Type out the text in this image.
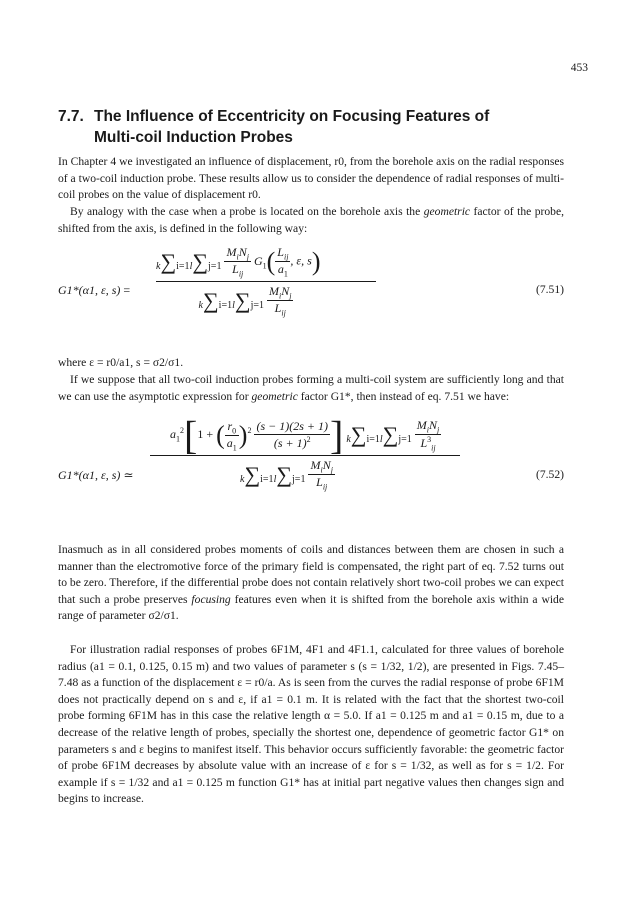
453
7.7. The Influence of Eccentricity on Focusing Features of
Multi-coil Induction Probes

In Chapter 4 we investigated an influence of displacement, r0, from the borehole axis on the radial responses of a two-coil induction probe. These results allow us to consider the dependence of radial responses of multi-coil probes on the value of displacement r0.

By analogy with the case when a probe is located on the borehole axis the geometric factor of the probe, shifted from the axis, is defined in the following way:

G1*(α1, ε, s) =
$k\sum i=1l\sum j=1 \frac{M_iN_j}{L_{ij}} G_1( \frac{L_{ij}}{a_1}$ , ε, s)
$k\sum i=1l\sum j=1 \frac{M_iN_j}{L_{ij}}$	(7.51)

where ε = r0/a1, s = σ2/σ1.

If we suppose that all two-coil induction probes forming a multi-coil system are sufficiently long and that we can use the asymptotic expression for geometric factor G1*, then instead of eq. 7.51 we have:

G1*(α1, ε, s) ≃
$a_1^2[1$ + ( $\frac{r_0}{a_1} )^2 \frac{(s - 1)(2s + 1)}{(s + 1)^2}$ ] $k\sum i=1l\sum j=1 \frac{M_iN_j}{L^3_{ij}}$
$k\sum i=1l\sum j=1 \frac{M_iN_j}{L_{ij}}$	(7.52)

Inasmuch as in all considered probes moments of coils and distances between them are chosen in such a manner than the electromotive force of the primary field is compensated, the right part of eq. 7.52 turns out to be zero. Therefore, if the differential probe does not contain relatively short two-coil probes we can expect that such a probe preserves focusing features even when it is shifted from the borehole axis within a wide range of parameter σ2/σ1.

For illustration radial responses of probes 6F1M, 4F1 and 4F1.1, calculated for three values of borehole radius (a1 = 0.1, 0.125, 0.15 m) and two values of parameter s (s = 1/32, 1/2), are presented in Figs. 7.45–7.48 as a function of the displacement ε = r0/a. As is seen from the curves the radial response of probe 6F1M does not practically depend on s and ε, if a1 = 0.1 m. It is related with the fact that the shortest two-coil probe forming 6F1M has in this case the relative length α = 5.0. If a1 = 0.125 m and a1 = 0.15 m, due to a decrease of the relative length of probes, specially the shortest one, dependence of geometric factor G1* on parameters s and ε begins to manifest itself. This behavior occurs sufficiently favorable: the geometric factor of probe 6F1M decreases by absolute value with an increase of ε for s = 1/32, as well as for s = 1/2. For example if s = 1/32 and a1 = 0.125 m function G1* has at initial part negative values then changes sign and begins to increase.
